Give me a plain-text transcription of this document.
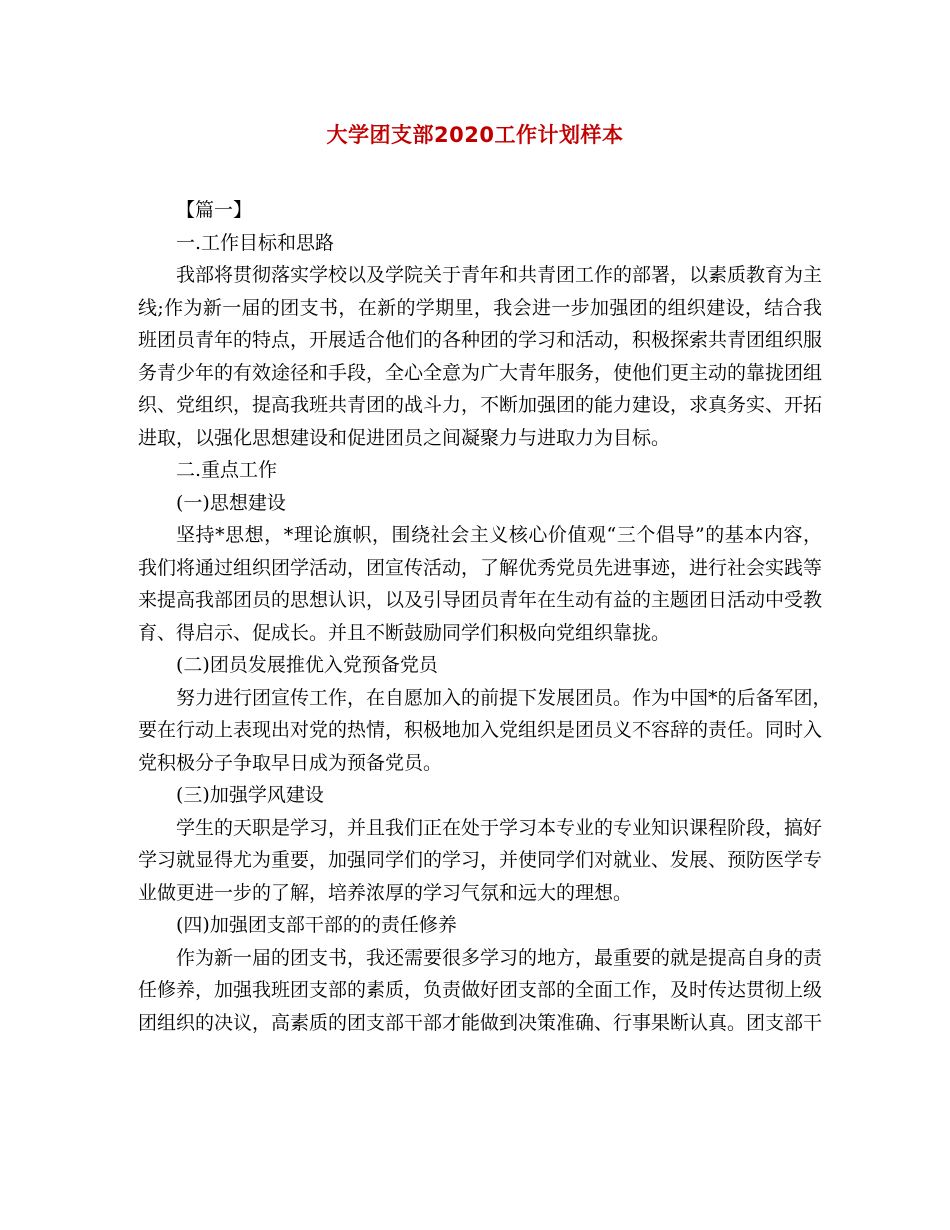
大学团支部2020工作计划样本
【篇一】
一.工作目标和思路
我部将贯彻落实学校以及学院关于青年和共青团工作的部署，以素质教育为主
线;作为新一届的团支书，在新的学期里，我会进一步加强团的组织建设，结合我
班团员青年的特点，开展适合他们的各种团的学习和活动，积极探索共青团组织服
务青少年的有效途径和手段，全心全意为广大青年服务，使他们更主动的靠拢团组
织、党组织，提高我班共青团的战斗力，不断加强团的能力建设，求真务实、开拓
进取，以强化思想建设和促进团员之间凝聚力与进取力为目标。
二.重点工作
(一)思想建设
坚持*思想，*理论旗帜，围绕社会主义核心价值观“三个倡导”的基本内容，
我们将通过组织团学活动，团宣传活动，了解优秀党员先进事迹，进行社会实践等
来提高我部团员的思想认识，以及引导团员青年在生动有益的主题团日活动中受教
育、得启示、促成长。并且不断鼓励同学们积极向党组织靠拢。
(二)团员发展推优入党预备党员
努力进行团宣传工作，在自愿加入的前提下发展团员。作为中国*的后备军团，
要在行动上表现出对党的热情，积极地加入党组织是团员义不容辞的责任。同时入
党积极分子争取早日成为预备党员。
(三)加强学风建设
学生的天职是学习，并且我们正在处于学习本专业的专业知识课程阶段，搞好
学习就显得尤为重要，加强同学们的学习，并使同学们对就业、发展、预防医学专
业做更进一步的了解，培养浓厚的学习气氛和远大的理想。
(四)加强团支部干部的的责任修养
作为新一届的团支书，我还需要很多学习的地方，最重要的就是提高自身的责
任修养，加强我班团支部的素质，负责做好团支部的全面工作，及时传达贯彻上级
团组织的决议，高素质的团支部干部才能做到决策准确、行事果断认真。团支部干
